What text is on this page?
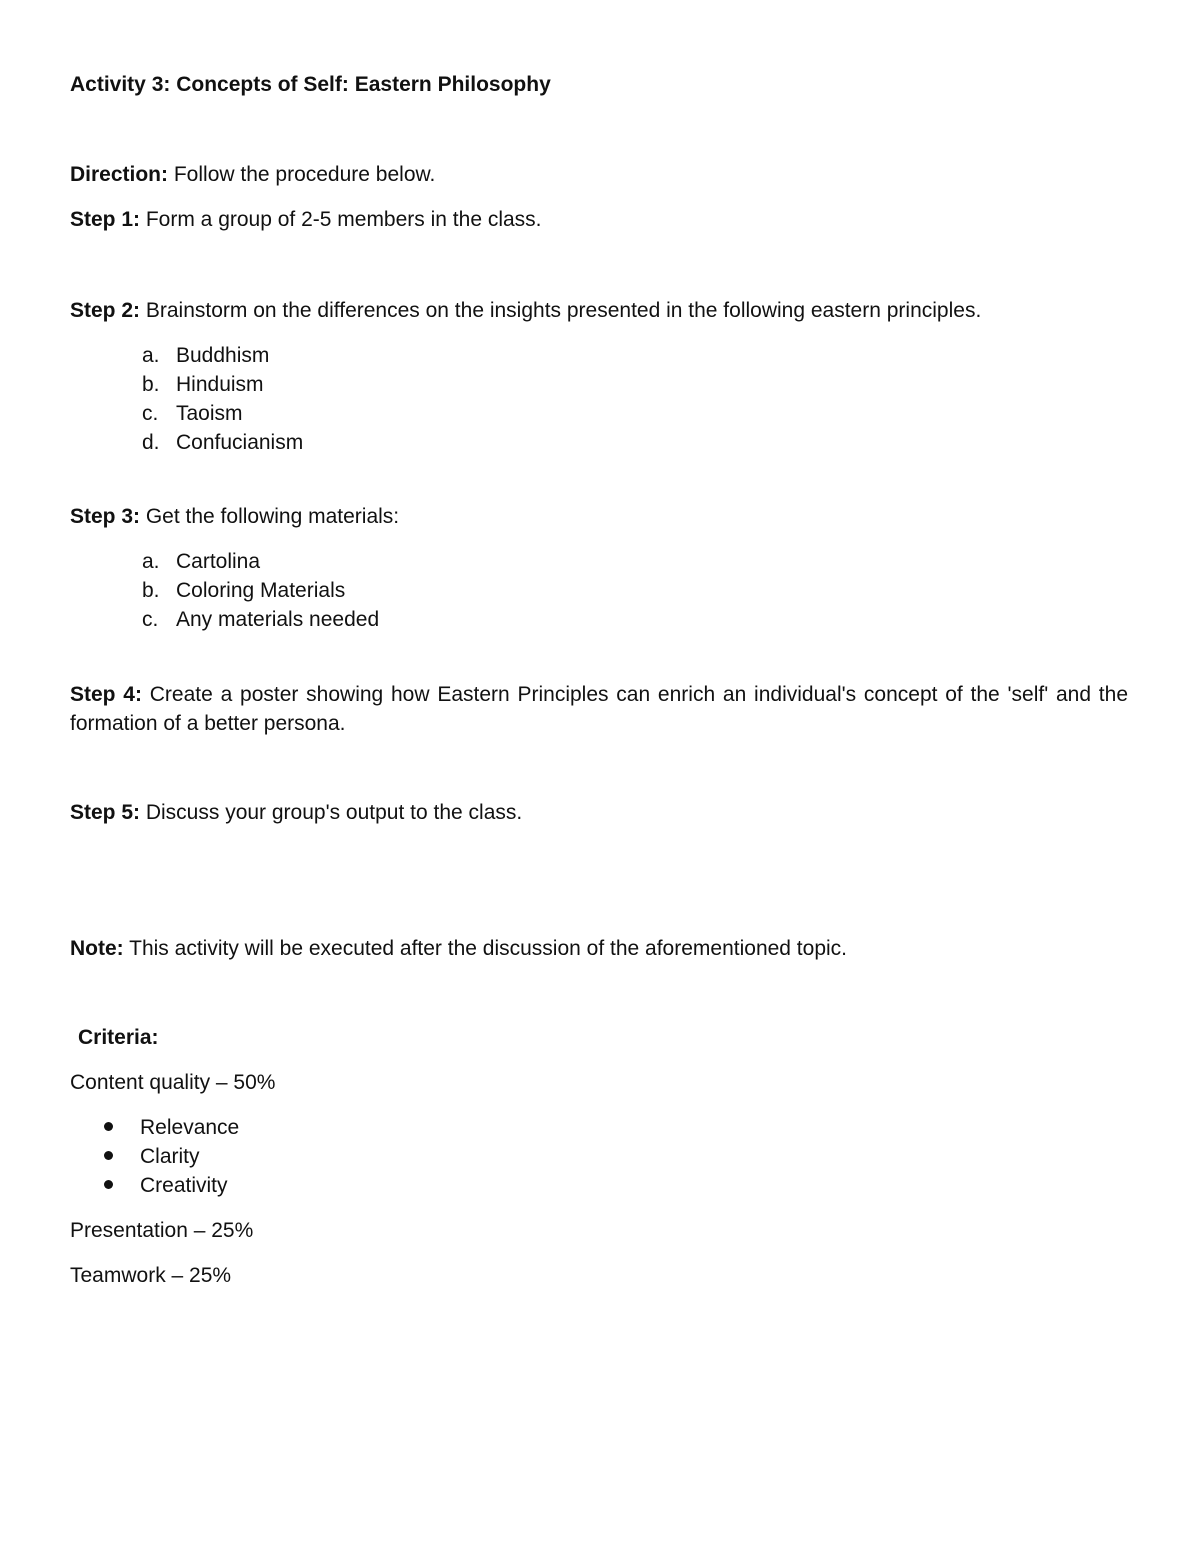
Activity 3: Concepts of Self: Eastern Philosophy

Direction: Follow the procedure below.

Step 1: Form a group of 2-5 members in the class.

Step 2: Brainstorm on the differences on the insights presented in the following eastern principles.

a. Buddhism
b. Hinduism
c. Taoism
d. Confucianism

Step 3: Get the following materials:

a. Cartolina
b. Coloring Materials
c. Any materials needed

Step 4: Create a poster showing how Eastern Principles can enrich an individual's concept of the 'self' and the formation of a better persona.

Step 5: Discuss your group's output to the class.

Note: This activity will be executed after the discussion of the aforementioned topic.

Criteria:

Content quality – 50%

Relevance
Clarity
Creativity

Presentation – 25%

Teamwork – 25%
